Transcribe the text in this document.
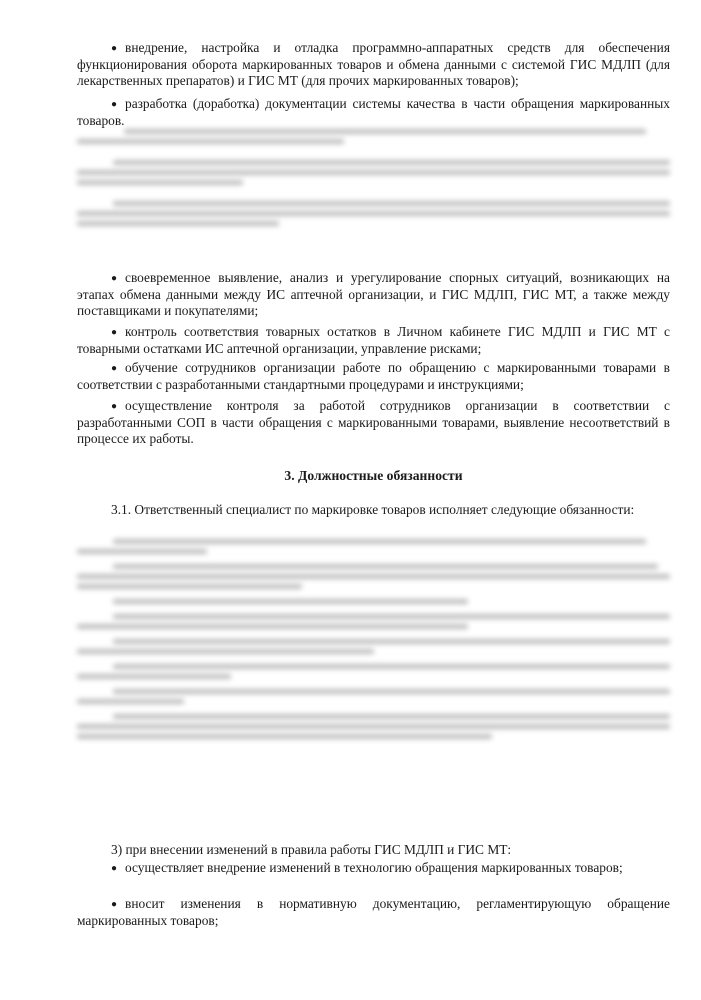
● внедрение, настройка и отладка программно-аппаратных средств для обеспечения функционирования оборота маркированных товаров и обмена данными с системой ГИС МДЛП (для лекарственных препаратов) и ГИС МТ (для прочих маркированных товаров);

● разработка (доработка) документации системы качества в части обращения маркированных товаров.

● своевременное выявление, анализ и урегулирование спорных ситуаций, возникающих на этапах обмена данными между ИС аптечной организации, и ГИС МДЛП, ГИС МТ, а также между поставщиками и покупателями;

● контроль соответствия товарных остатков в Личном кабинете ГИС МДЛП и ГИС МТ с товарными остатками ИС аптечной организации, управление рисками;

● обучение сотрудников организации работе по обращению с маркированными товарами в соответствии с разработанными стандартными процедурами и инструкциями;

● осуществление контроля за работой сотрудников организации в соответствии с разработанными СОП в части обращения с маркированными товарами, выявление несоответствий в процессе их работы.

3. Должностные обязанности

3.1. Ответственный специалист по маркировке товаров исполняет следующие обязанности:

3) при внесении изменений в правила работы ГИС МДЛП и ГИС МТ:

● осуществляет внедрение изменений в технологию обращения маркированных товаров;

● вносит изменения в нормативную документацию, регламентирующую обращение маркированных товаров;
